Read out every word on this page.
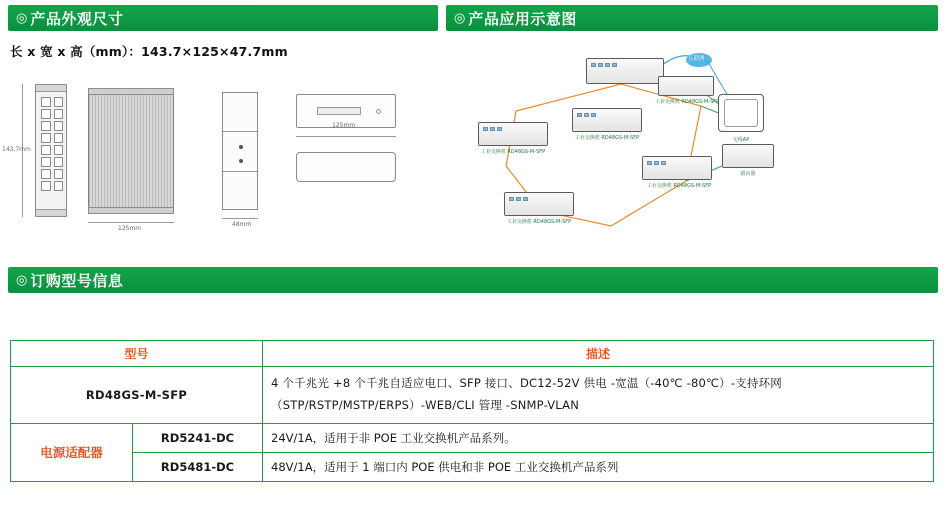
◎ 产品外观尺寸	◎ 产品应用示意图
长 x 宽 x 高（mm）：143.7×125×47.7mm
143.7mm
125mm
48mm
125mm
互联网
无线AP
路由器
工业交换机 RD48GS-M-SFP
工业交换机 RD48GS-M-SFP
工业交换机 RD48GS-M-SFP
工业交换机 RD48GS-M-SFP
工业交换机 RD48GS-M-SFP
◎ 订购型号信息
型号		描述
RD48GS-M-SFP		4 个千兆光 +8 个千兆自适应电口、SFP 接口、DC12-52V 供电 -宽温（-40℃ -80℃）-支持环网
（STP/RSTP/MSTP/ERPS）-WEB/CLI 管理 -SNMP-VLAN

电源适配器	RD5241-DC	24V/1A，适用于非 POE 工业交换机产品系列。
	RD5481-DC	48V/1A，适用于 1 端口内 POE 供电和非 POE 工业交换机产品系列
